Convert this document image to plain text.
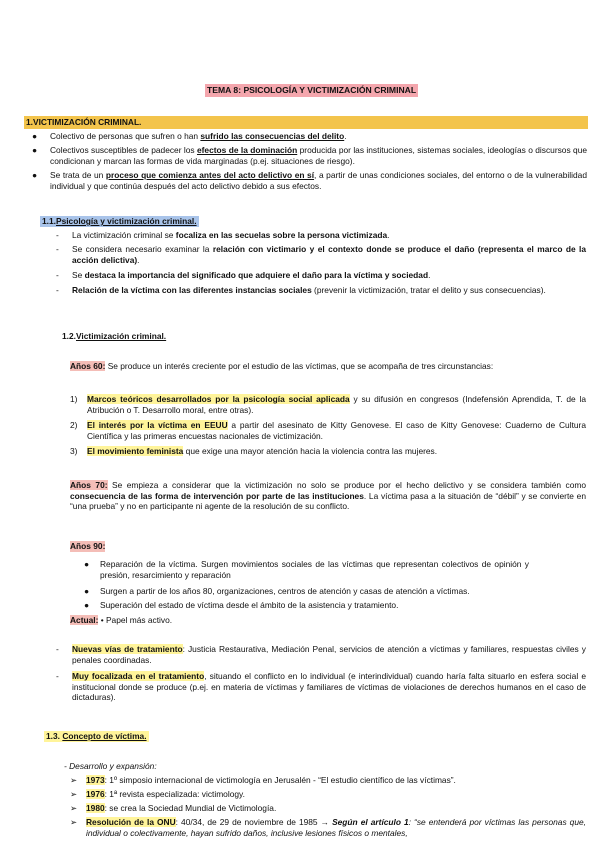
TEMA 8: PSICOLOGÍA Y VICTIMIZACIÓN CRIMINAL
1.VICTIMIZACIÓN CRIMINAL.
●	Colectivo de personas que sufren o han sufrido las consecuencias del delito.

●	Colectivos susceptibles de padecer los efectos de la dominación producida por las instituciones, sistemas sociales, ideologías o discursos que condicionan y marcan las formas de vida marginadas (p.ej. situaciones de riesgo).

●	Se trata de un proceso que comienza antes del acto delictivo en sí, a partir de unas condiciones sociales, del entorno o de la vulnerabilidad individual y que continúa después del acto delictivo debido a sus efectos.

1.1.Psicología y victimización criminal.
-	La victimización criminal se focaliza en las secuelas sobre la persona victimizada.

-	Se considera necesario examinar la relación con victimario y el contexto donde se produce el daño (representa el marco de la acción delictiva).

-	Se destaca la importancia del significado que adquiere el daño para la víctima y sociedad.

-	Relación de la víctima con las diferentes instancias sociales (prevenir la victimización, tratar el delito y sus consecuencias).

1.2.Victimización criminal.

Años 60: Se produce un interés creciente por el estudio de las víctimas, que se acompaña de tres circunstancias:

1)	Marcos teóricos desarrollados por la psicología social aplicada y su difusión en congresos (Indefensión Aprendida, T. de la Atribución o T. Desarrollo moral, entre otras).

2)	El interés por la víctima en EEUU a partir del asesinato de Kitty Genovese. El caso de Kitty Genovese: Cuaderno de Cultura Científica y las primeras encuestas nacionales de victimización.

3)	El movimiento feminista que exige una mayor atención hacia la violencia contra las mujeres.

Años 70: Se empieza a considerar que la victimización no solo se produce por el hecho delictivo y se considera también como consecuencia de las forma de intervención por parte de las instituciones. La víctima pasa a la situación de “débil” y se convierte en “una prueba” y no en participante ni agente de la resolución de su conflicto.

Años 90:
●	Reparación de la víctima. Surgen movimientos sociales de las víctimas que representan colectivos de opinión y presión, resarcimiento y reparación

●	Surgen a partir de los años 80, organizaciones, centros de atención y casas de atención a víctimas.

●	Superación del estado de víctima desde el ámbito de la asistencia y tratamiento.

Actual: • Papel más activo.
-	Nuevas vías de tratamiento: Justicia Restaurativa, Mediación Penal, servicios de atención a víctimas y familiares, respuestas civiles y penales coordinadas.

-	Muy focalizada en el tratamiento, situando el conflicto en lo individual (e interindividual) cuando haría falta situarlo en esfera social e institucional donde se produce (p.ej. en materia de víctimas y familiares de víctimas de violaciones de derechos humanos en el caso de dictaduras).

1.3. Concepto de víctima.
- Desarrollo y expansión:
➢	1973: 1º simposio internacional de victimología en Jerusalén - “El estudio científico de las víctimas”.

➢	1976: 1ª revista especializada: victimology.

➢	1980: se crea la Sociedad Mundial de Victimología.

➢	Resolución de la ONU: 40/34, de 29 de noviembre de 1985 → Según el artículo 1: “se entenderá por víctimas las personas que, individual o colectivamente, hayan sufrido daños, inclusive lesiones físicos o mentales,
